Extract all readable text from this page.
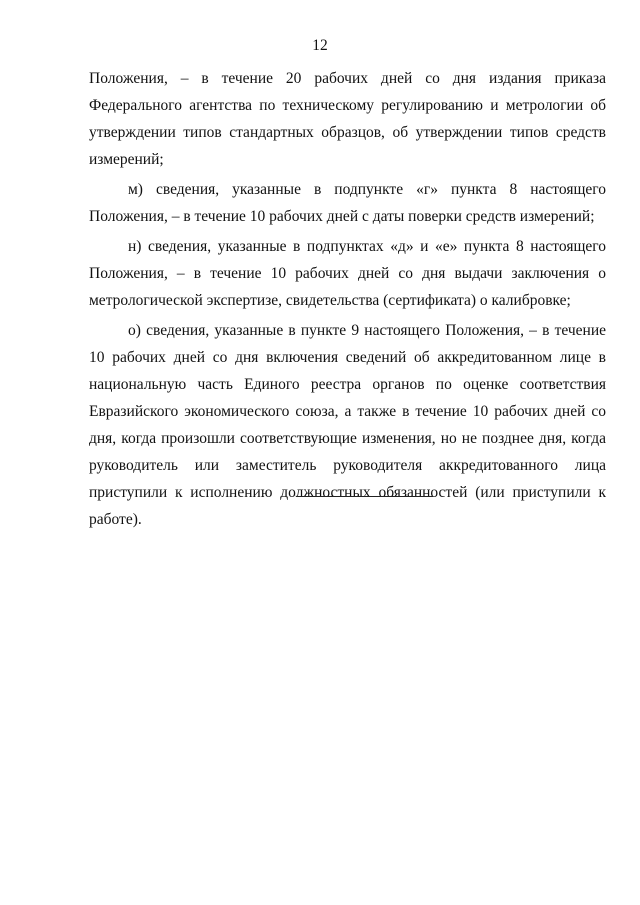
12

Положения, – в течение 20 рабочих дней со дня издания приказа Федерального агентства по техническому регулированию и метрологии об утверждении типов стандартных образцов, об утверждении типов средств измерений;

м) сведения, указанные в подпункте «г» пункта 8 настоящего Положения, – в течение 10 рабочих дней с даты поверки средств измерений;

н) сведения, указанные в подпунктах «д» и «е» пункта 8 настоящего Положения, – в течение 10 рабочих дней со дня выдачи заключения о метрологической экспертизе, свидетельства (сертификата) о калибровке;

о) сведения, указанные в пункте 9 настоящего Положения, – в течение 10 рабочих дней со дня включения сведений об аккредитованном лице в национальную часть Единого реестра органов по оценке соответствия Евразийского экономического союза, а также в течение 10 рабочих дней со дня, когда произошли соответствующие изменения, но не позднее дня, когда руководитель или заместитель руководителя аккредитованного лица приступили к исполнению должностных обязанностей (или приступили к работе).
